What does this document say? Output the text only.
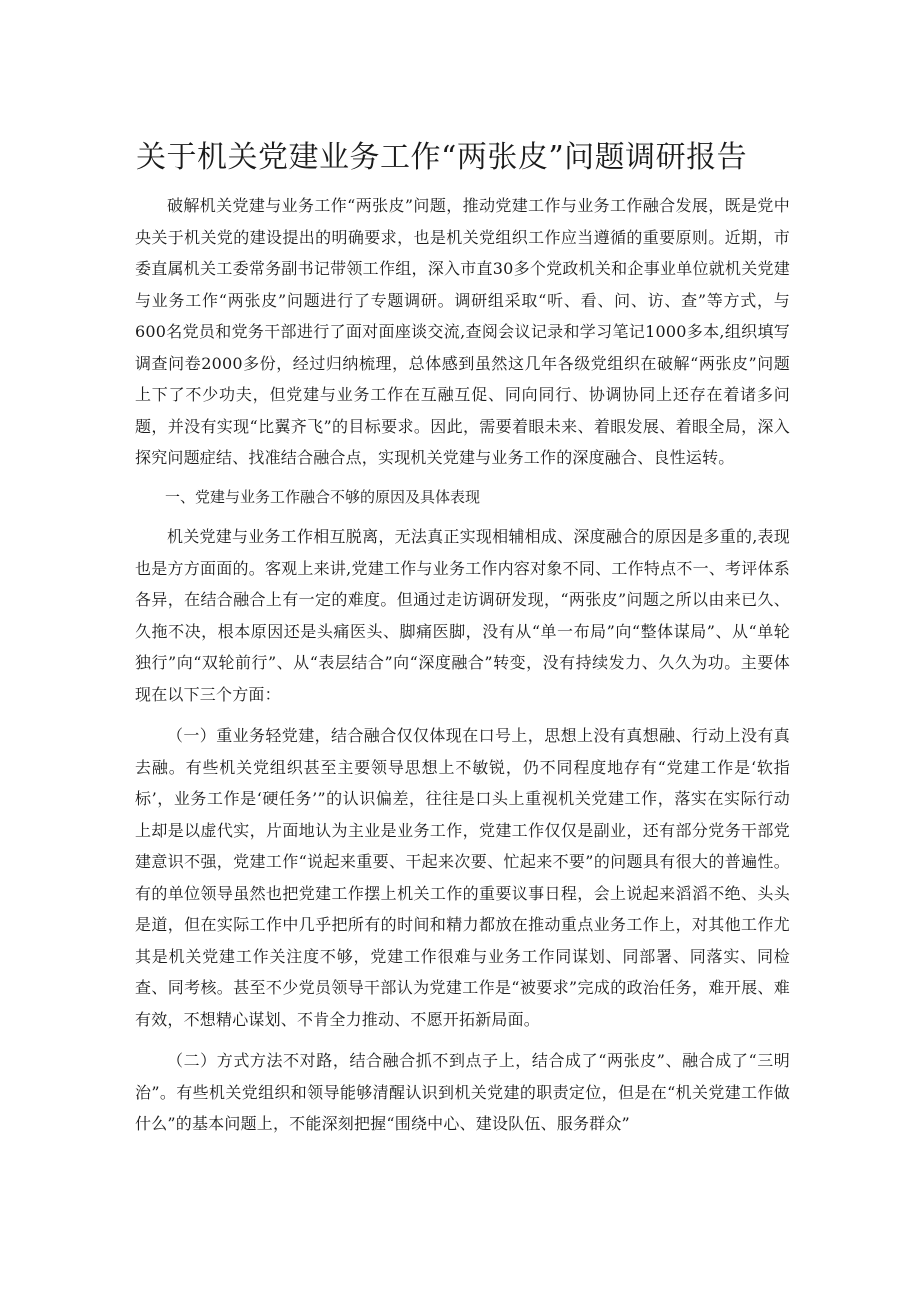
关于机关党建业务工作“两张皮”问题调研报告

破解机关党建与业务工作“两张皮”问题，推动党建工作与业务工作融合发展，既是党中央关于机关党的建设提出的明确要求，也是机关党组织工作应当遵循的重要原则。近期，市委直属机关工委常务副书记带领工作组，深入市直30多个党政机关和企事业单位就机关党建与业务工作“两张皮”问题进行了专题调研。调研组采取“听、看、问、访、查”等方式，与600名党员和党务干部进行了面对面座谈交流,查阅会议记录和学习笔记1000多本,组织填写调查问卷2000多份，经过归纳梳理，总体感到虽然这几年各级党组织在破解“两张皮”问题上下了不少功夫，但党建与业务工作在互融互促、同向同行、协调协同上还存在着诸多问题，并没有实现“比翼齐飞”的目标要求。因此，需要着眼未来、着眼发展、着眼全局，深入探究问题症结、找准结合融合点，实现机关党建与业务工作的深度融合、良性运转。

一、党建与业务工作融合不够的原因及具体表现

机关党建与业务工作相互脱离，无法真正实现相辅相成、深度融合的原因是多重的,表现也是方方面面的。客观上来讲,党建工作与业务工作内容对象不同、工作特点不一、考评体系各异，在结合融合上有一定的难度。但通过走访调研发现，“两张皮”问题之所以由来已久、久拖不决，根本原因还是头痛医头、脚痛医脚，没有从“单一布局”向“整体谋局”、从“单轮独行”向“双轮前行”、从“表层结合”向“深度融合”转变，没有持续发力、久久为功。主要体现在以下三个方面：

（一）重业务轻党建，结合融合仅仅体现在口号上，思想上没有真想融、行动上没有真去融。有些机关党组织甚至主要领导思想上不敏锐，仍不同程度地存有“党建工作是‘软指标’，业务工作是‘硬任务’”的认识偏差，往往是口头上重视机关党建工作，落实在实际行动上却是以虚代实，片面地认为主业是业务工作，党建工作仅仅是副业，还有部分党务干部党建意识不强，党建工作“说起来重要、干起来次要、忙起来不要”的问题具有很大的普遍性。有的单位领导虽然也把党建工作摆上机关工作的重要议事日程，会上说起来滔滔不绝、头头是道，但在实际工作中几乎把所有的时间和精力都放在推动重点业务工作上，对其他工作尤其是机关党建工作关注度不够，党建工作很难与业务工作同谋划、同部署、同落实、同检查、同考核。甚至不少党员领导干部认为党建工作是“被要求”完成的政治任务，难开展、难有效，不想精心谋划、不肯全力推动、不愿开拓新局面。

（二）方式方法不对路，结合融合抓不到点子上，结合成了“两张皮”、融合成了“三明治”。有些机关党组织和领导能够清醒认识到机关党建的职责定位，但是在“机关党建工作做什么”的基本问题上，不能深刻把握“围绕中心、建设队伍、服务群众”
